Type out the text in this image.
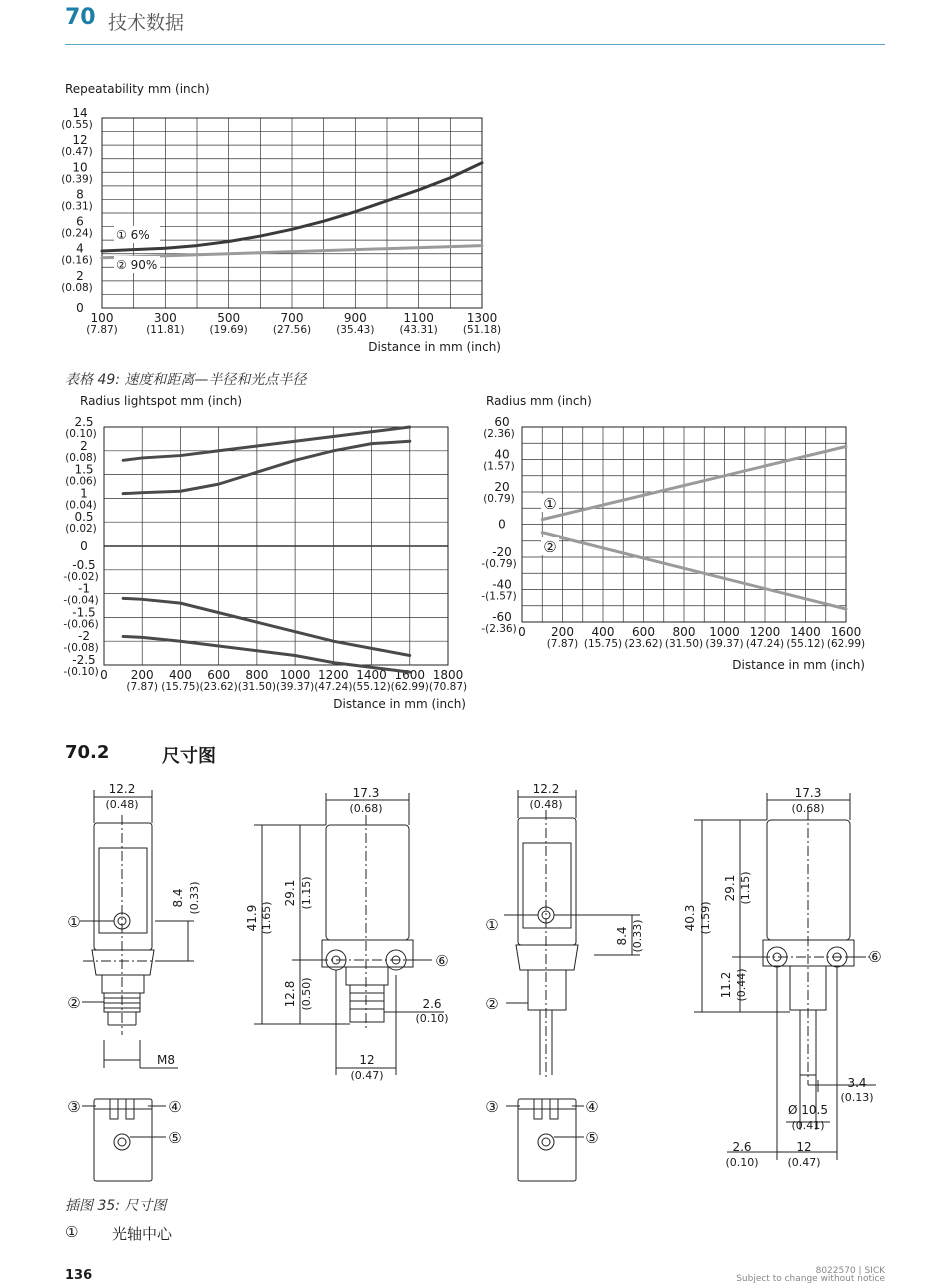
70 技术数据
Repeatability mm (inch)
100
(7.87)
300
(11.81)
500
(19.69)
700
(27.56)
900
(35.43)
1100
(43.31)
1300
(51.18)
0
2
(0.08)
4
(0.16)
6
(0.24)
8
(0.31)
10
(0.39)
12
(0.47)
14
(0.55)
Distance in mm (inch)
① 6%
② 90%
表格 49: 速度和距离—半径和光点半径
Radius lightspot mm (inch)
0 200
(7.87)
400
(15.75)
600
(23.62)
800
(31.50)
1000
(39.37)
1200
(47.24)
1400
(55.12)
1600
(62.99)
1800
(70.87)
2.5
(0.10)
2
(0.08)
1.5
(0.06)
1
(0.04)
0.5
(0.02)
0
-0.5
-(0.02)
-1
-(0.04)
-1.5
-(0.06)
-2
-(0.08)
-2.5
-(0.10)
Distance in mm (inch)
Radius mm (inch)
0 200
(7.87)
400
(15.75)
600
(23.62)
800
(31.50)
1000
(39.37)
1200
(47.24)
1400
(55.12)
1600
(62.99)
60
(2.36)
40
(1.57)
20
(0.79)
0
-20
-(0.79)
-40
-(1.57)
-60
-(2.36)
Distance in mm (inch)
①
②
70.2	尺寸图
12.2
(0.48)
8.4 (0.33)
M8
17.3
(0.68)
41.9 (1.65)
29.1 (1.15)
12.8 (0.50)	2.6
(0.10)
12
(0.47)
12.2
(0.48)
8.4 (0.33)
17.3
(0.68)
40.3 (1.59)
29.1 (1.15)
11.2 (0.44)
3.4
(0.13)
Ø 10.5
(0.41)
2.6
(0.10)
12
(0.47)
①
②
⑥
③	④
⑤
①
②
③	④
⑤
⑥
插图 35: 尺寸图
① 光轴中心
136	8022570 | SICK
Subject to change without notice
